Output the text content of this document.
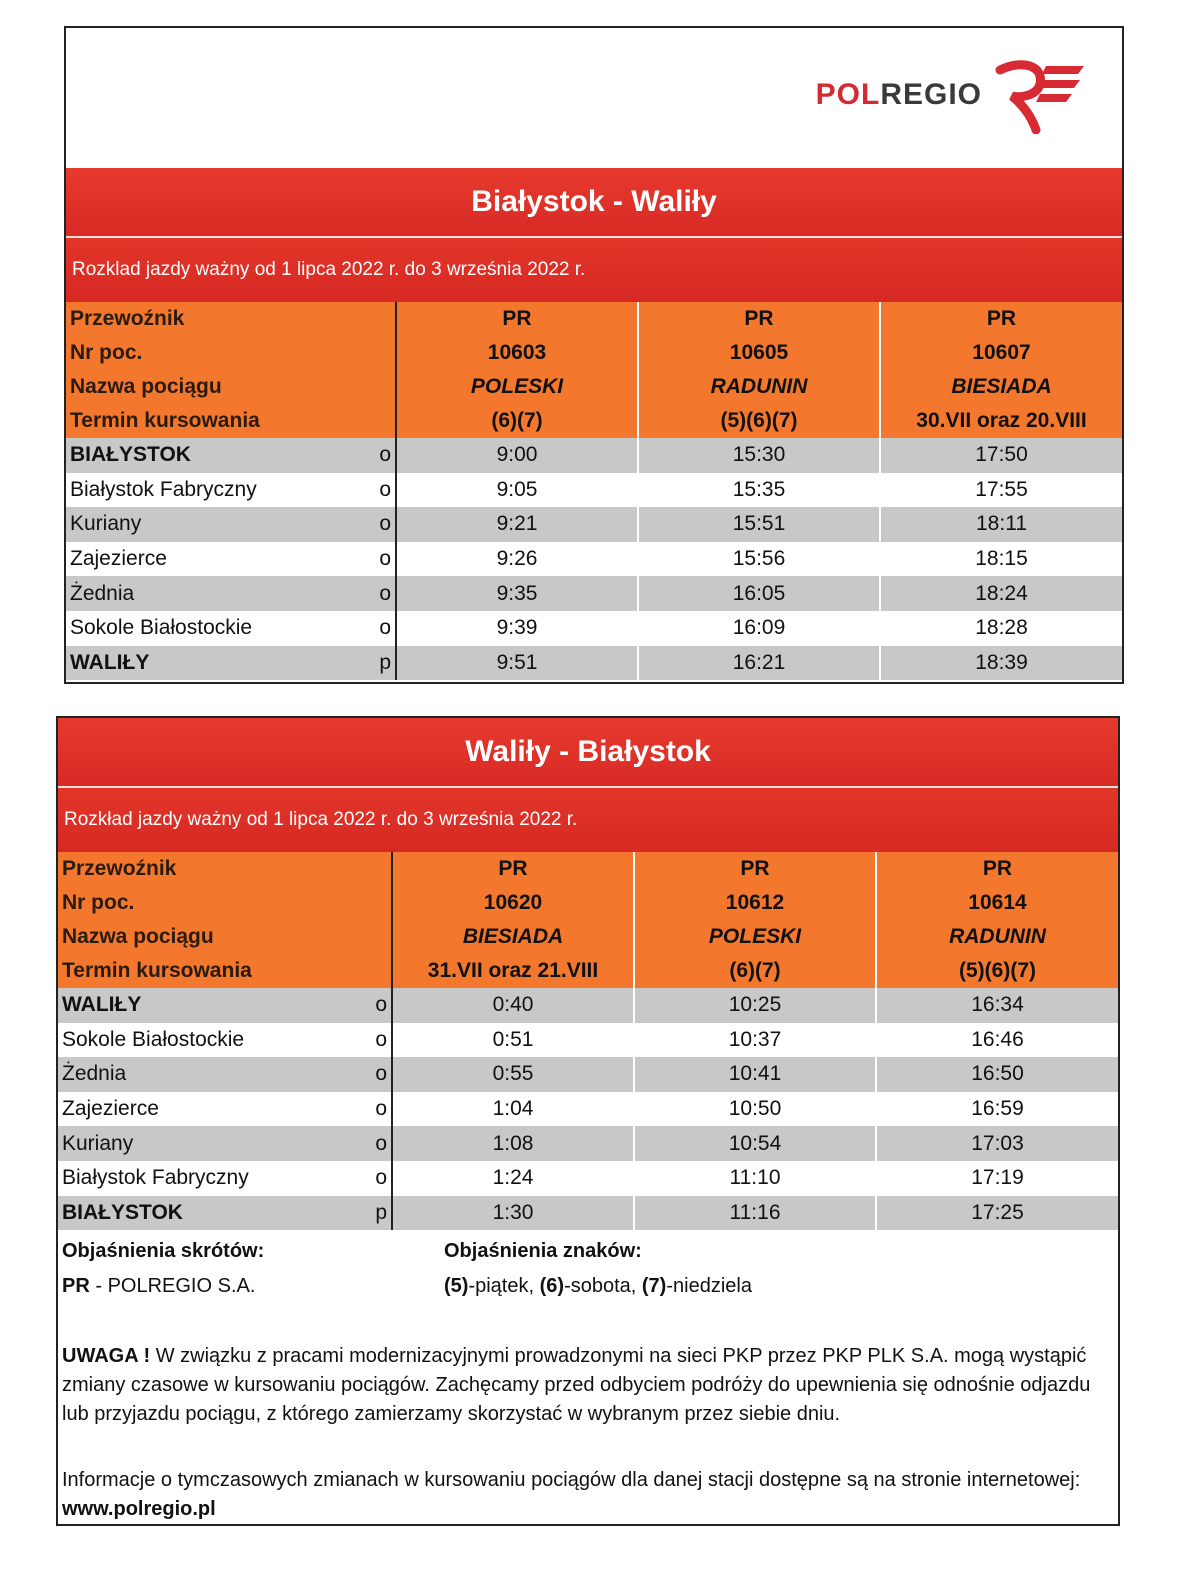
POLREGIO
Białystok - Waliły
Rozklad jazdy ważny od 1 lipca 2022 r. do 3 września 2022 r.
Przewoźnik		PR	PR	PR
Nr poc.		10603	10605	10607
Nazwa pociągu		POLESKI	RADUNIN	BIESIADA
Termin kursowania		(6)(7)	(5)(6)(7)	30.VII oraz 20.VIII
BIAŁYSTOK	o	9:00	15:30	17:50
Białystok Fabryczny	o	9:05	15:35	17:55
Kuriany	o	9:21	15:51	18:11
Zajezierce	o	9:26	15:56	18:15
Żednia	o	9:35	16:05	18:24
Sokole Białostockie	o	9:39	16:09	18:28
WALIŁY	p	9:51	16:21	18:39
Waliły - Białystok
Rozkład jazdy ważny od 1 lipca 2022 r. do 3 września 2022 r.
Przewoźnik		PR	PR	PR
Nr poc.		10620	10612	10614
Nazwa pociągu		BIESIADA	POLESKI	RADUNIN
Termin kursowania		31.VII oraz 21.VIII	(6)(7)	(5)(6)(7)
WALIŁY	o	0:40	10:25	16:34
Sokole Białostockie	o	0:51	10:37	16:46
Żednia	o	0:55	10:41	16:50
Zajezierce	o	1:04	10:50	16:59
Kuriany	o	1:08	10:54	17:03
Białystok Fabryczny	o	1:24	11:10	17:19
BIAŁYSTOK	p	1:30	11:16	17:25
Objaśnienia skrótów:
PR - POLREGIO S.A.
Objaśnienia znaków:
(5)-piątek, (6)-sobota, (7)-niedziela
UWAGA ! W związku z pracami modernizacyjnymi prowadzonymi na sieci PKP przez PKP PLK S.A. mogą wystąpić zmiany czasowe w kursowaniu pociągów. Zachęcamy przed odbyciem podróży do upewnienia się odnośnie odjazdu lub przyjazdu pociągu, z którego zamierzamy skorzystać w wybranym przez siebie dniu.
Informacje o tymczasowych zmianach w kursowaniu pociągów dla danej stacji dostępne są na stronie internetowej: www.polregio.pl
